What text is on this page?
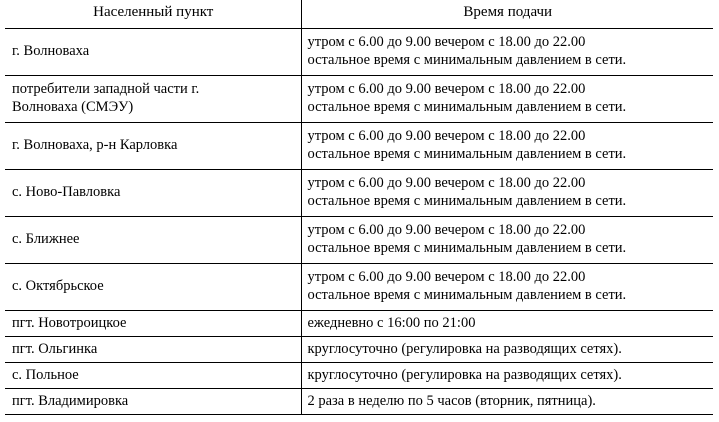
Населенный пункт	Время подачи

г. Волноваха	утром с 6.00 до 9.00 вечером с 18.00 до 22.00
остальное время с минимальным давлением в сети.

потребители западной части г.
Волноваха (СМЭУ)	утром с 6.00 до 9.00 вечером с 18.00 до 22.00
остальное время с минимальным давлением в сети.

г. Волноваха, р-н Карловка	утром с 6.00 до 9.00 вечером с 18.00 до 22.00
остальное время с минимальным давлением в сети.

с. Ново-Павловка	утром с 6.00 до 9.00 вечером с 18.00 до 22.00
остальное время с минимальным давлением в сети.

с. Ближнее	утром с 6.00 до 9.00 вечером с 18.00 до 22.00
остальное время с минимальным давлением в сети.

с. Октябрьское	утром с 6.00 до 9.00 вечером с 18.00 до 22.00
остальное время с минимальным давлением в сети.

пгт. Новотроицкое	ежедневно с 16:00 по 21:00

пгт. Ольгинка	круглосуточно (регулировка на разводящих сетях).

с. Польное	круглосуточно (регулировка на разводящих сетях).

пгт. Владимировка	2 раза в неделю по 5 часов (вторник, пятница).
